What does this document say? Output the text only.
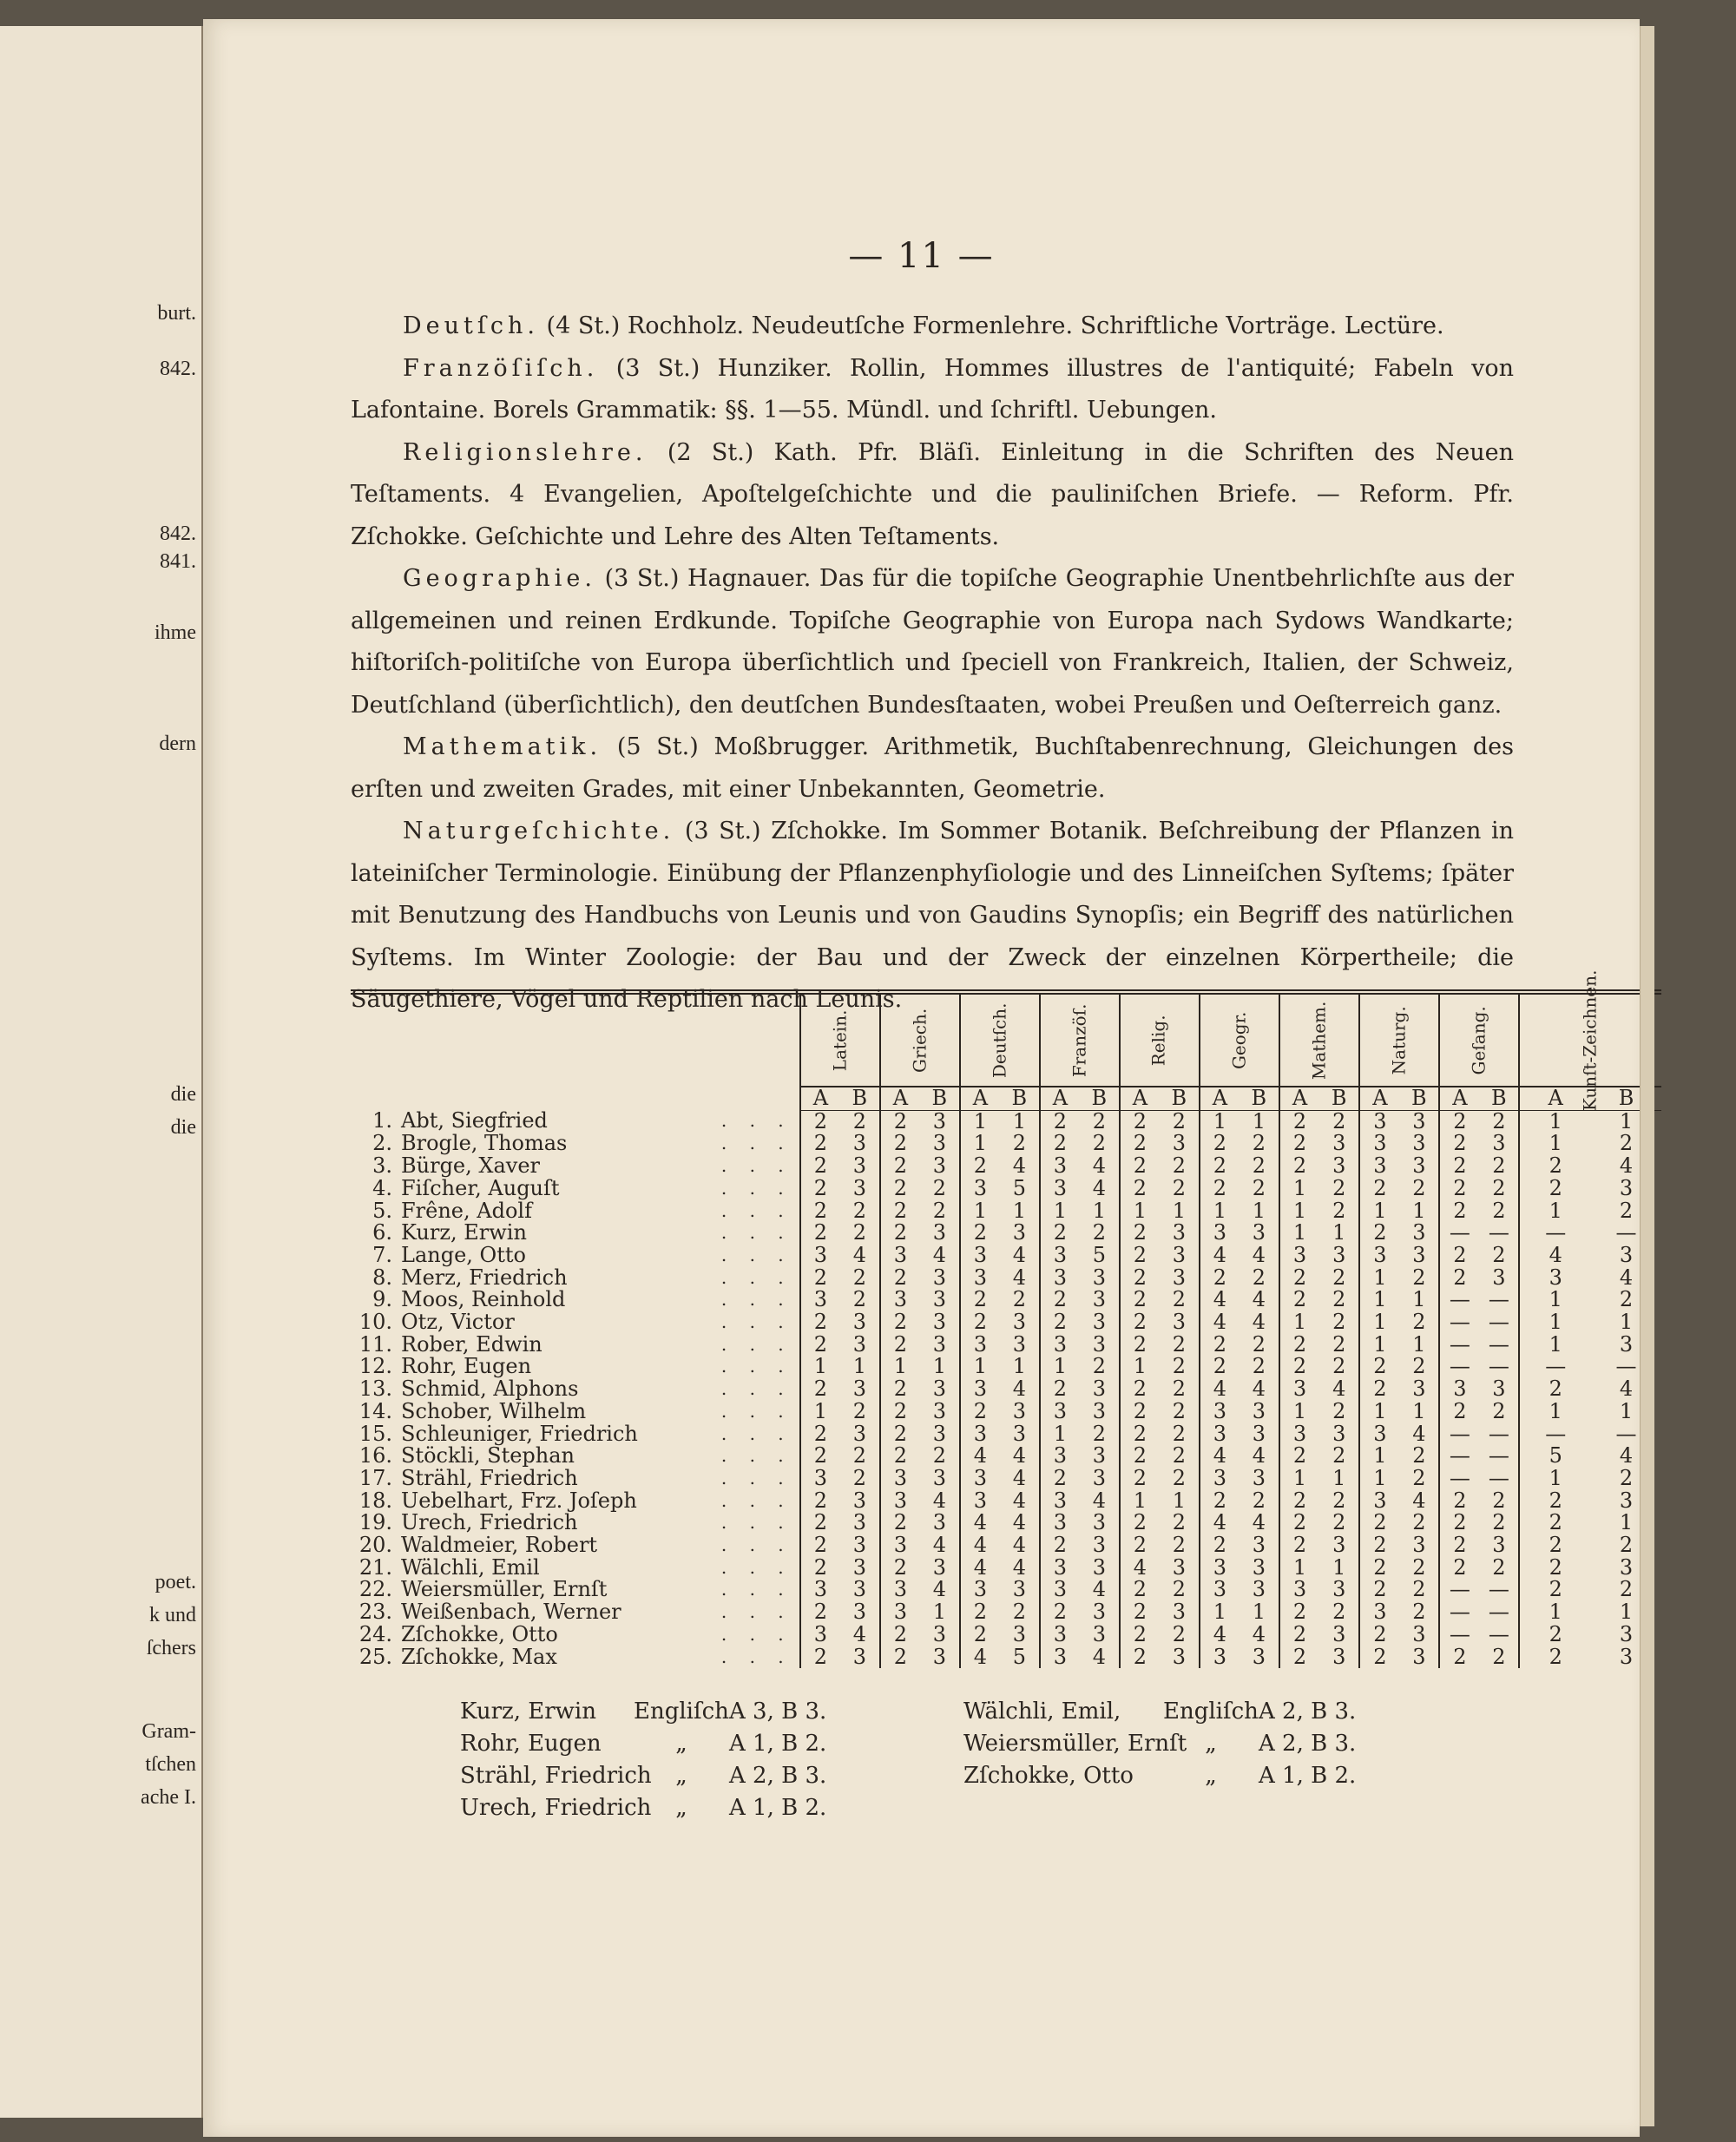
burt.
842.
842.
841.
ihme
dern
die
die
poet.
k und
ſchers
Gram-
tſchen
ache I.
— 11 —

Deutſch. (4 St.) Rochholz. Neudeutſche Formenlehre. Schriftliche Vorträge. Lectüre.

Franzöſiſch. (3 St.) Hunziker. Rollin, Hommes illustres de l'antiquité; Fabeln von Lafontaine. Borels Grammatik: §§. 1—55. Mündl. und ſchriftl. Uebungen.

Religionslehre. (2 St.) Kath. Pfr. Bläſi. Einleitung in die Schriften des Neuen Teſtaments. 4 Evangelien, Apoſtelgeſchichte und die pauliniſchen Briefe. — Reform. Pfr. Zſchokke. Geſchichte und Lehre des Alten Teſtaments.

Geographie. (3 St.) Hagnauer. Das für die topiſche Geographie Unentbehrlichſte aus der allgemeinen und reinen Erdkunde. Topiſche Geographie von Europa nach Sydows Wandkarte; hiſtoriſch-politiſche von Europa überſichtlich und ſpeciell von Frankreich, Italien, der Schweiz, Deutſchland (überſichtlich), den deutſchen Bundesſtaaten, wobei Preußen und Oeſterreich ganz.

Mathematik. (5 St.) Moßbrugger. Arithmetik, Buchſtabenrechnung, Gleichungen des erſten und zweiten Grades, mit einer Unbekannten, Geometrie.

Naturgeſchichte. (3 St.) Zſchokke. Im Sommer Botanik. Beſchreibung der Pflanzen in lateiniſcher Terminologie. Einübung der Pflanzenphyſiologie und des Linneiſchen Syſtems; ſpäter mit Benutzung des Handbuchs von Leunis und von Gaudins Synopſis; ein Begriff des natürlichen Syſtems. Im Winter Zoologie: der Bau und der Zweck der einzelnen Körpertheile; die Säugethiere, Vögel und Reptilien nach Leunis.

		Latein.		Griech.		Deutſch.		Franzöſ.		Relig.		Geogr.		Mathem.		Naturg.		Geſang.		Kunſt-Zeichnen.	
		A	B	A	B	A	B	A	B	A	B	A	B	A	B	A	B	A	B	A	B
1. Abt, Siegfried	. . .	2	2	2	3	1	1	2	2	2	2	1	1	2	2	3	3	2	2	1	1
2. Brogle, Thomas	. . .	2	3	2	3	1	2	2	2	2	3	2	2	2	3	3	3	2	3	1	2
3. Bürge, Xaver	. . .	2	3	2	3	2	4	3	4	2	2	2	2	2	3	3	3	2	2	2	4
4. Fiſcher, Auguſt	. . .	2	3	2	2	3	5	3	4	2	2	2	2	1	2	2	2	2	2	2	3
5. Frêne, Adolf	. . .	2	2	2	2	1	1	1	1	1	1	1	1	1	2	1	1	2	2	1	2
6. Kurz, Erwin	. . .	2	2	2	3	2	3	2	2	2	3	3	3	1	1	2	3	—	—	—	—
7. Lange, Otto	. . .	3	4	3	4	3	4	3	5	2	3	4	4	3	3	3	3	2	2	4	3
8. Merz, Friedrich	. . .	2	2	2	3	3	4	3	3	2	3	2	2	2	2	1	2	2	3	3	4
9. Moos, Reinhold	. . .	3	2	3	3	2	2	2	3	2	2	4	4	2	2	1	1	—	—	1	2
10. Otz, Victor	. . .	2	3	2	3	2	3	2	3	2	3	4	4	1	2	1	2	—	—	1	1
11. Rober, Edwin	. . .	2	3	2	3	3	3	3	3	2	2	2	2	2	2	1	1	—	—	1	3
12. Rohr, Eugen	. . .	1	1	1	1	1	1	1	2	1	2	2	2	2	2	2	2	—	—	—	—
13. Schmid, Alphons	. . .	2	3	2	3	3	4	2	3	2	2	4	4	3	4	2	3	3	3	2	4
14. Schober, Wilhelm	. . .	1	2	2	3	2	3	3	3	2	2	3	3	1	2	1	1	2	2	1	1
15. Schleuniger, Friedrich	. . .	2	3	2	3	3	3	1	2	2	2	3	3	3	3	3	4	—	—	—	—
16. Stöckli, Stephan	. . .	2	2	2	2	4	4	3	3	2	2	4	4	2	2	1	2	—	—	5	4
17. Strähl, Friedrich	. . .	3	2	3	3	3	4	2	3	2	2	3	3	1	1	1	2	—	—	1	2
18. Uebelhart, Frz. Joſeph	. . .	2	3	3	4	3	4	3	4	1	1	2	2	2	2	3	4	2	2	2	3
19. Urech, Friedrich	. . .	2	3	2	3	4	4	3	3	2	2	4	4	2	2	2	2	2	2	2	1
20. Waldmeier, Robert	. . .	2	3	3	4	4	4	2	3	2	2	2	3	2	3	2	3	2	3	2	2
21. Wälchli, Emil	. . .	2	3	2	3	4	4	3	3	4	3	3	3	1	1	2	2	2	2	2	3
22. Weiersmüller, Ernſt	. . .	3	3	3	4	3	3	3	4	2	2	3	3	3	3	2	2	—	—	2	2
23. Weißenbach, Werner	. . .	2	3	3	1	2	2	2	3	2	3	1	1	2	2	3	2	—	—	1	1
24. Zſchokke, Otto	. . .	3	4	2	3	2	3	3	3	2	2	4	4	2	3	2	3	—	—	2	3
25. Zſchokke, Max	. . .	2	3	2	3	4	5	3	4	2	3	3	3	2	3	2	3	2	2	2	3
Kurz, Erwin	Engliſch A 3, B 3.
Rohr, Eugen	„	A 1, B 2.
Strähl, Friedrich	„	A 2, B 3.
Urech, Friedrich	„	A 1, B 2.
Wälchli, Emil,	Engliſch A 2, B 3.
Weiersmüller, Ernſt „	A 2, B 3.
Zſchokke, Otto	„	A 1, B 2.
